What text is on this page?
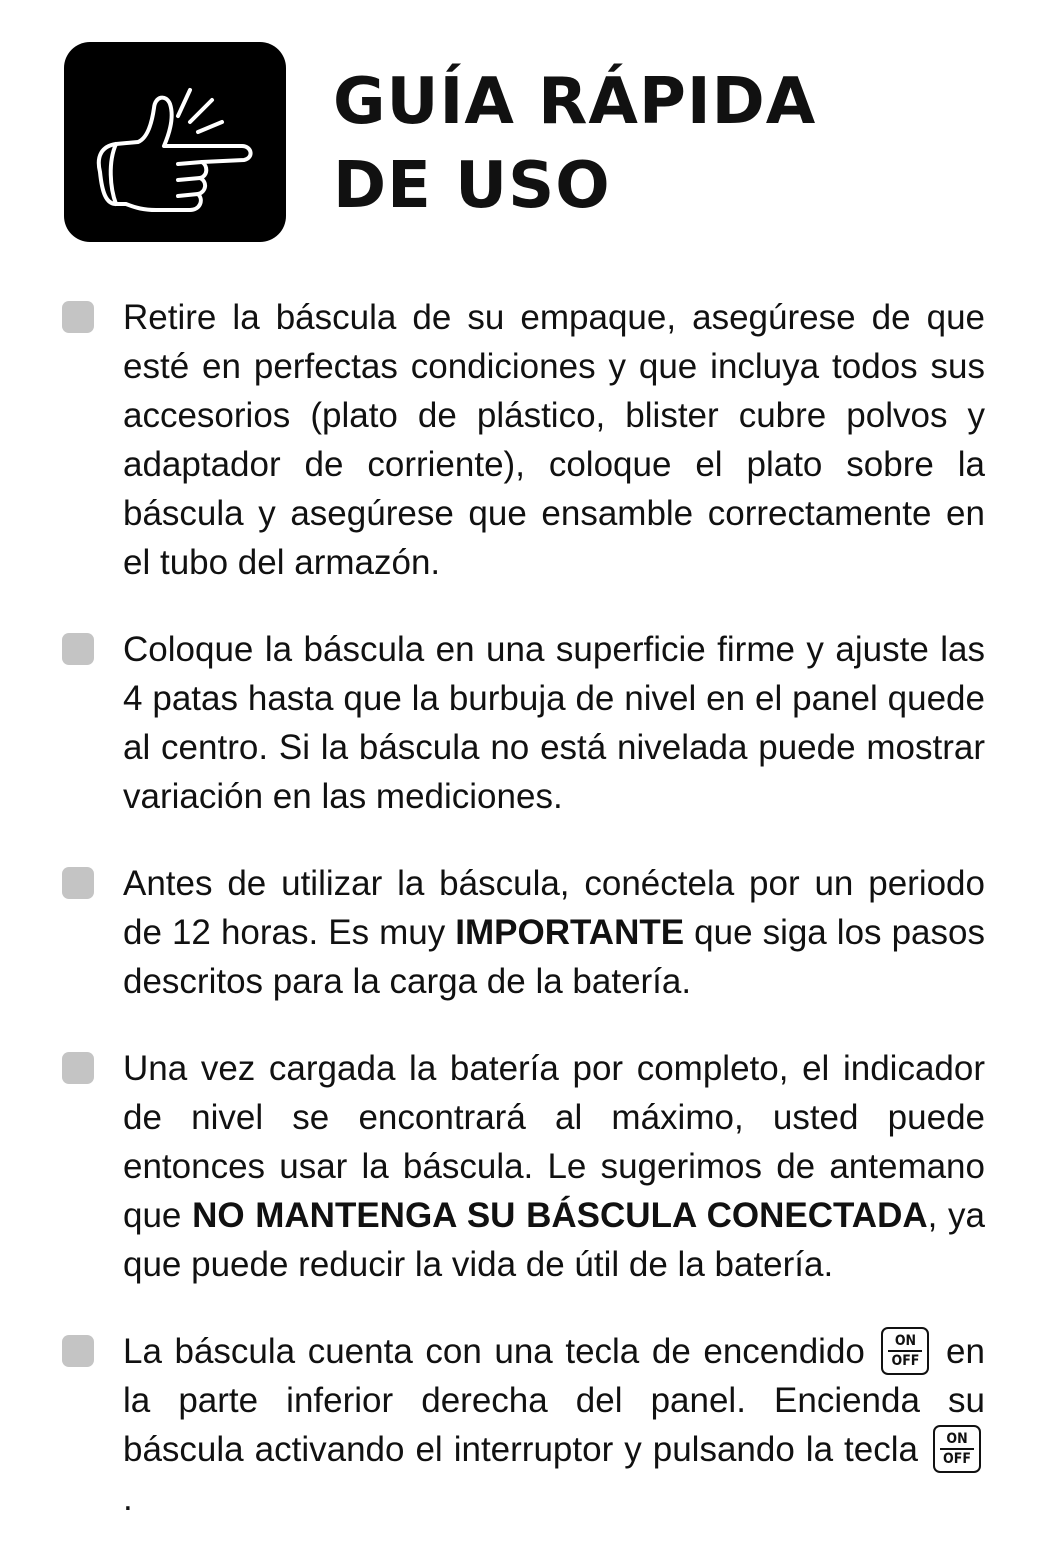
GUÍA RÁPIDA
DE USO
Retire la báscula de su empaque, asegúrese de que esté en perfectas condiciones y que incluya todos sus accesorios (plato de plástico, blister cubre polvos y adaptador de corriente), coloque el plato sobre la báscula y asegúrese que ensamble correctamente en el tubo del armazón.
Coloque la báscula en una superficie firme y ajuste las 4 patas hasta que la burbuja de nivel en el panel quede al centro. Si la báscula no está nivelada puede mostrar variación en las mediciones.
Antes de utilizar la báscula, conéctela por un periodo de 12 horas. Es muy IMPORTANTE que siga los pasos descritos para la carga de la batería.
Una vez cargada la batería por completo, el indicador de nivel se encontrará al máximo, usted puede entonces usar la báscula. Le sugerimos de antemano que NO MANTENGA SU BÁSCULA CONECTADA, ya que puede reducir la vida de útil de la batería.
La báscula cuenta con una tecla de encendido	ON
OFF en la parte inferior derecha del panel. Encienda su báscula activando el interruptor y pulsando la tecla	ON
OFF
.
